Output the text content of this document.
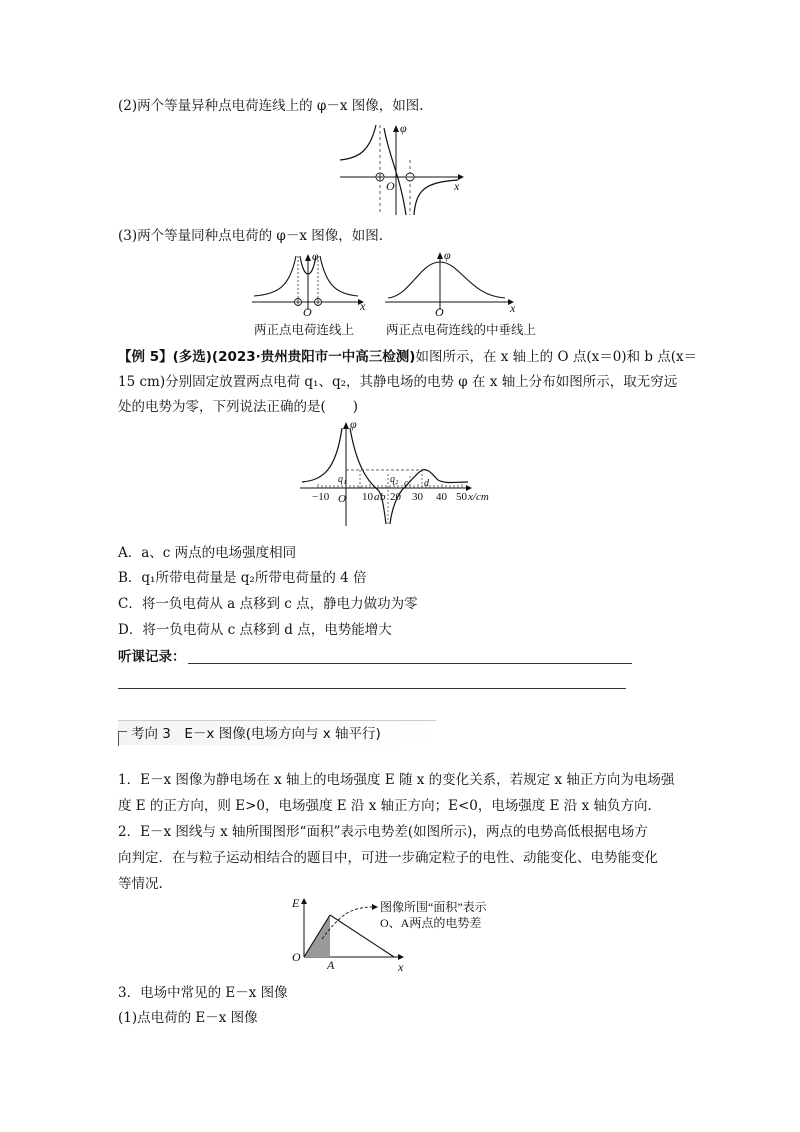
(2)两个等量异种点电荷连线上的 φ－x 图像，如图.
φ
O	x
(3)两个等量同种点电荷的 φ－x 图像，如图.
φ
O	x
两正点电荷连线上
φ
O	x
两正点电荷连线的中垂线上
【例 5】(多选)(2023·贵州贵阳市一中高三检测)如图所示，在 x 轴上的 O 点(x＝0)和 b 点(x＝
15 cm)分别固定放置两点电荷 q₁、q₂，其静电场的电势 φ 在 x 轴上分布如图所示，取无穷远
处的电势为零，下列说法正确的是(　　)
φ
q₁	q₂ c d
−10 O 10 a b 20 30 40 50 x/cm
A．a、c 两点的电场强度相同
B．q₁所带电荷量是 q₂所带电荷量的 4 倍
C．将一负电荷从 a 点移到 c 点，静电力做功为零
D．将一负电荷从 c 点移到 d 点，电势能增大
听课记录：
考向 3　E－x 图像(电场方向与 x 轴平行)
1．E－x 图像为静电场在 x 轴上的电场强度 E 随 x 的变化关系，若规定 x 轴正方向为电场强
度 E 的正方向，则 E>0，电场强度 E 沿 x 轴正方向；E<0，电场强度 E 沿 x 轴负方向.
2．E－x 图线与 x 轴所围图形“面积”表示电势差(如图所示)，两点的电势高低根据电场方
向判定．在与粒子运动相结合的题目中，可进一步确定粒子的电性、动能变化、电势能变化
等情况.
E
O
A	x
图像所围“面积”表示
O、A两点的电势差
3．电场中常见的 E－x 图像
(1)点电荷的 E－x 图像
